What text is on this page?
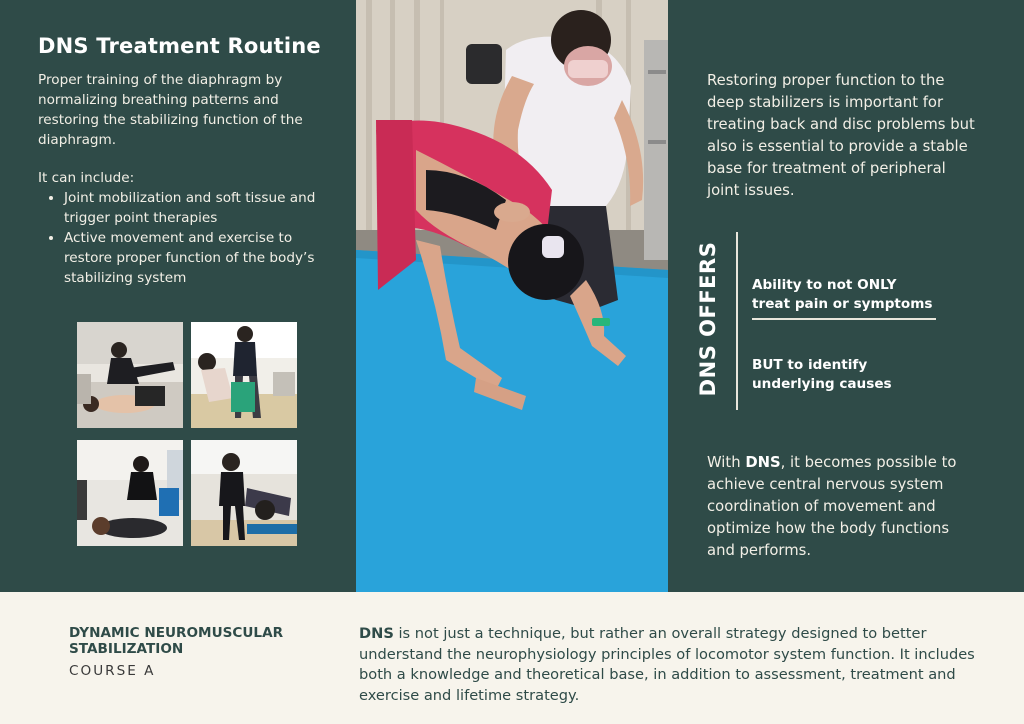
DNS Treatment Routine

Proper training of the diaphragm by normalizing breathing patterns and restoring the stabilizing function of the diaphragm.

It can include:

• Joint mobilization and soft tissue and trigger point therapies
• Active movement and exercise to restore proper function of the body’s stabilizing system

Restoring proper function to the deep stabilizers is important for treating back and disc problems but also is essential to provide a stable base for treatment of peripheral joint issues.

DNS OFFERS Ability to not ONLY
treat pain or symptoms
BUT to identify
underlying causes

With DNS, it becomes possible to achieve central nervous system coordination of movement and optimize how the body functions and performs.

DYNAMIC NEUROMUSCULAR STABILIZATION

COURSE A

DNS is not just a technique, but rather an overall strategy designed to better understand the neurophysiology principles of locomotor system function. It includes both a knowledge and theoretical base, in addition to assessment, treatment and exercise and lifetime strategy.
